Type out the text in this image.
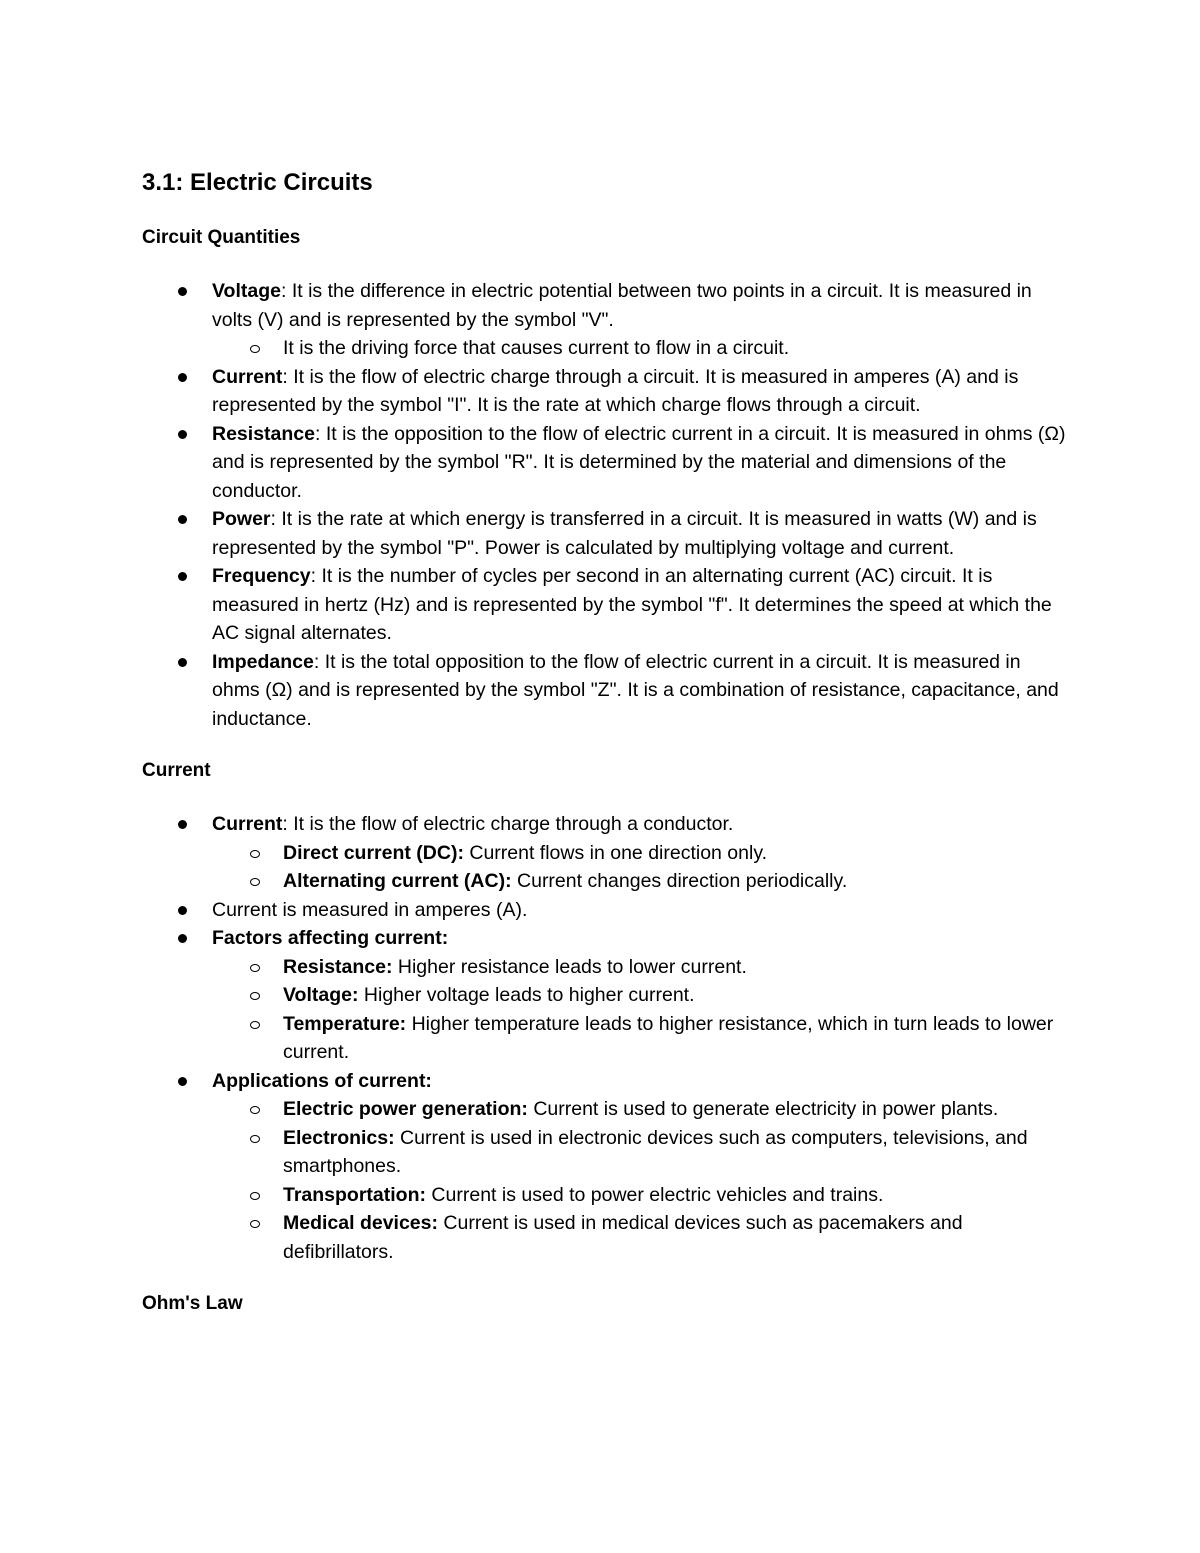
3.1: Electric Circuits
Circuit Quantities
Voltage: It is the difference in electric potential between two points in a circuit. It is measured in volts (V) and is represented by the symbol "V".
It is the driving force that causes current to flow in a circuit.
Current: It is the flow of electric charge through a circuit. It is measured in amperes (A) and is represented by the symbol "I". It is the rate at which charge flows through a circuit.
Resistance: It is the opposition to the flow of electric current in a circuit. It is measured in ohms (Ω) and is represented by the symbol "R". It is determined by the material and dimensions of the conductor.
Power: It is the rate at which energy is transferred in a circuit. It is measured in watts (W) and is represented by the symbol "P". Power is calculated by multiplying voltage and current.
Frequency: It is the number of cycles per second in an alternating current (AC) circuit. It is measured in hertz (Hz) and is represented by the symbol "f". It determines the speed at which the AC signal alternates.
Impedance: It is the total opposition to the flow of electric current in a circuit. It is measured in ohms (Ω) and is represented by the symbol "Z". It is a combination of resistance, capacitance, and inductance.
Current
Current: It is the flow of electric charge through a conductor.
Direct current (DC): Current flows in one direction only.
Alternating current (AC): Current changes direction periodically.
Current is measured in amperes (A).
Factors affecting current:
Resistance: Higher resistance leads to lower current.
Voltage: Higher voltage leads to higher current.
Temperature: Higher temperature leads to higher resistance, which in turn leads to lower current.
Applications of current:
Electric power generation: Current is used to generate electricity in power plants.
Electronics: Current is used in electronic devices such as computers, televisions, and smartphones.
Transportation: Current is used to power electric vehicles and trains.
Medical devices: Current is used in medical devices such as pacemakers and defibrillators.
Ohm's Law
